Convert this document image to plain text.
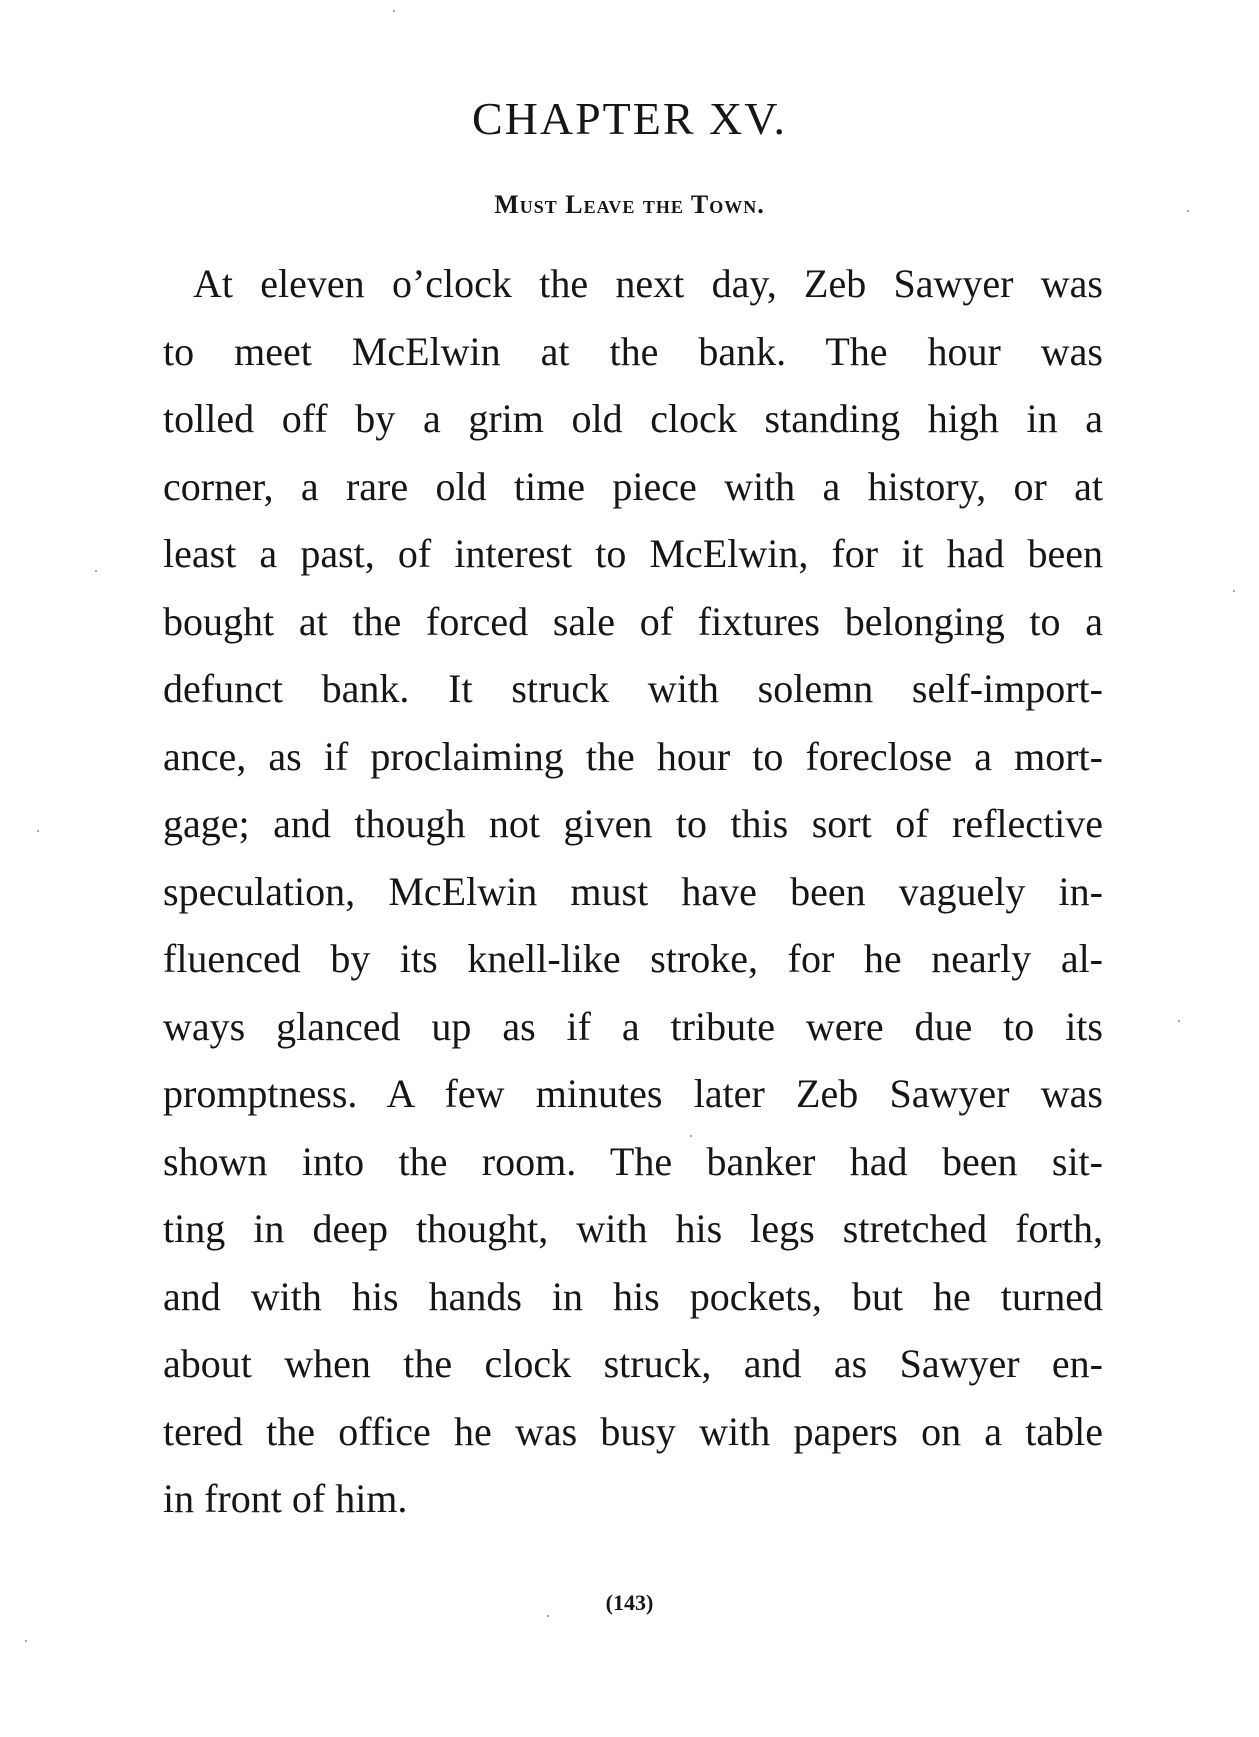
CHAPTER XV.
Must Leave the Town.
At eleven o’clock the next day, Zeb Sawyer was
to meet McElwin at the bank. The hour was
tolled off by a grim old clock standing high in a
corner, a rare old time piece with a history, or at
least a past, of interest to McElwin, for it had been
bought at the forced sale of fixtures belonging to a
defunct bank. It struck with solemn self-import-
ance, as if proclaiming the hour to foreclose a mort-
gage; and though not given to this sort of reflective
speculation, McElwin must have been vaguely in-
fluenced by its knell-like stroke, for he nearly al-
ways glanced up as if a tribute were due to its
promptness. A few minutes later Zeb Sawyer was
shown into the room. The banker had been sit-
ting in deep thought, with his legs stretched forth,
and with his hands in his pockets, but he turned
about when the clock struck, and as Sawyer en-
tered the office he was busy with papers on a table
in front of him.
(143)
